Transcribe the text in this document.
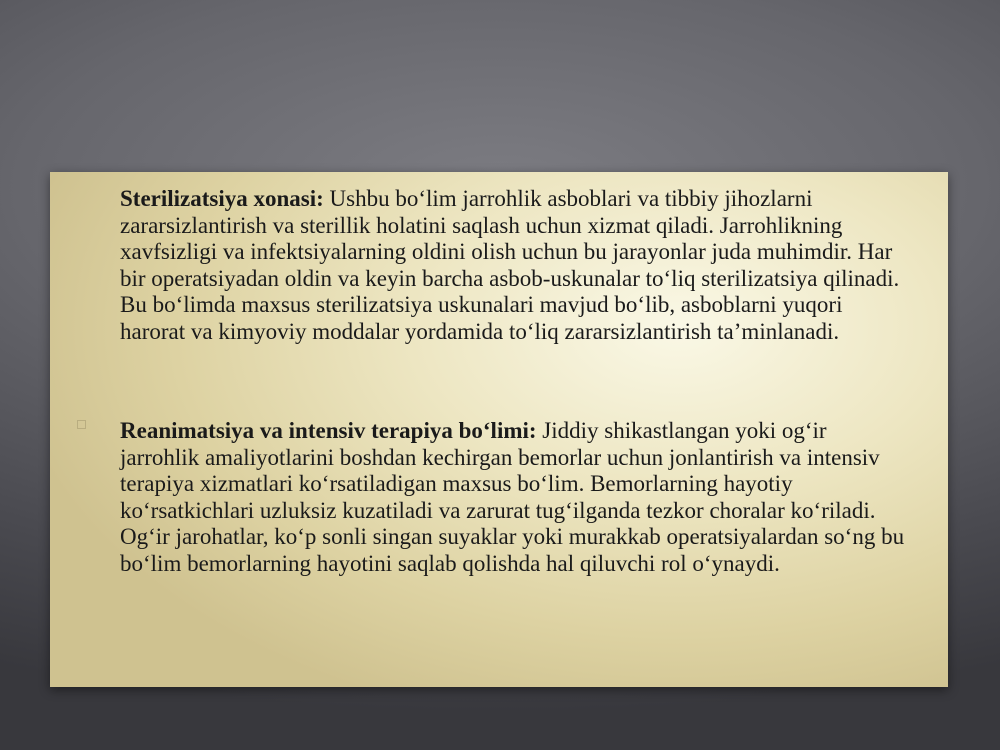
Sterilizatsiya xonasi: Ushbu bo‘lim jarrohlik asboblari va tibbiy jihozlarni zararsizlantirish va sterillik holatini saqlash uchun xizmat qiladi. Jarrohlikning xavfsizligi va infektsiyalarning oldini olish uchun bu jarayonlar juda muhimdir. Har bir operatsiyadan oldin va keyin barcha asbob-uskunalar to‘liq sterilizatsiya qilinadi. Bu bo‘limda maxsus sterilizatsiya uskunalari mavjud bo‘lib, asboblarni yuqori harorat va kimyoviy moddalar yordamida to‘liq zararsizlantirish ta’minlanadi.

Reanimatsiya va intensiv terapiya bo‘limi: Jiddiy shikastlangan yoki og‘ir jarrohlik amaliyotlarini boshdan kechirgan bemorlar uchun jonlantirish va intensiv terapiya xizmatlari ko‘rsatiladigan maxsus bo‘lim. Bemorlarning hayotiy ko‘rsatkichlari uzluksiz kuzatiladi va zarurat tug‘ilganda tezkor choralar ko‘riladi. Og‘ir jarohatlar, ko‘p sonli singan suyaklar yoki murakkab operatsiyalardan so‘ng bu bo‘lim bemorlarning hayotini saqlab qolishda hal qiluvchi rol o‘ynaydi.
